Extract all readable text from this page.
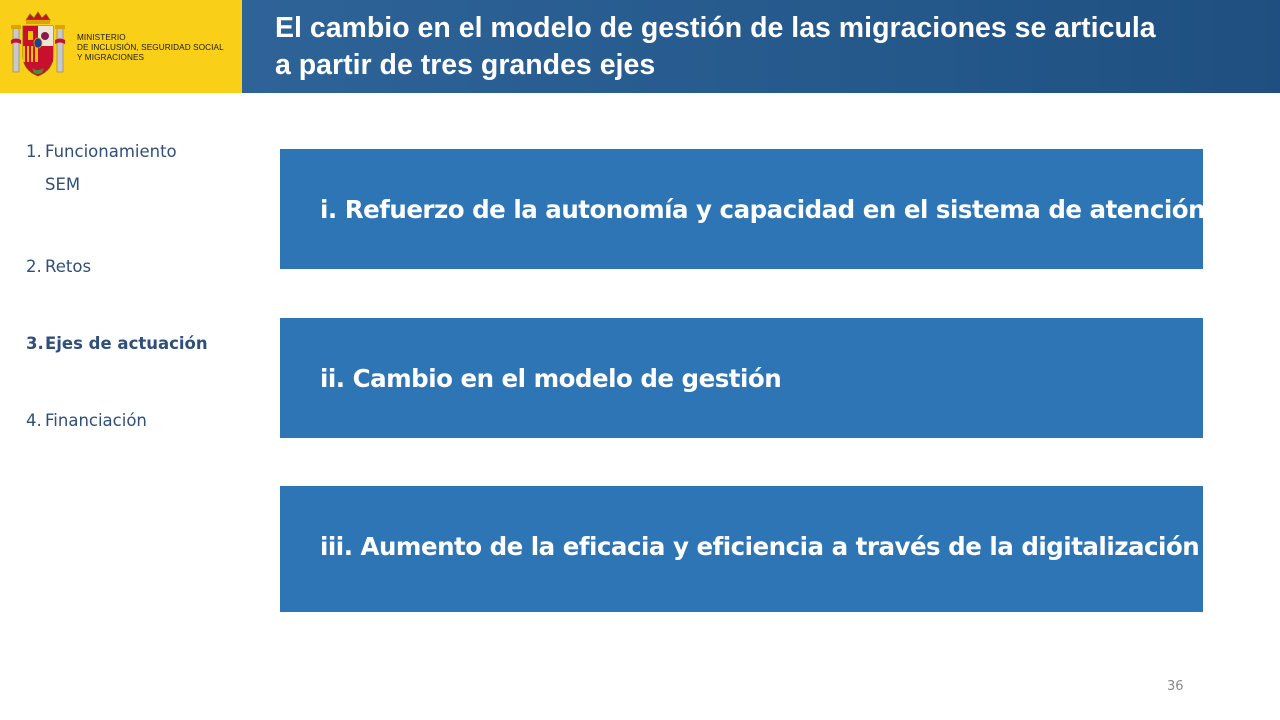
MINISTERIO
DE INCLUSIÓN, SEGURIDAD SOCIAL
Y MIGRACIONES
El cambio en el modelo de gestión de las migraciones se articula
a partir de tres grandes ejes
1. Funcionamiento
SEM
2. Retos
3.Ejes de actuación
4. Financiación
i. Refuerzo de la autonomía y capacidad en el sistema de atención
ii. Cambio en el modelo de gestión
iii. Aumento de la eficacia y eficiencia a través de la digitalización
36
